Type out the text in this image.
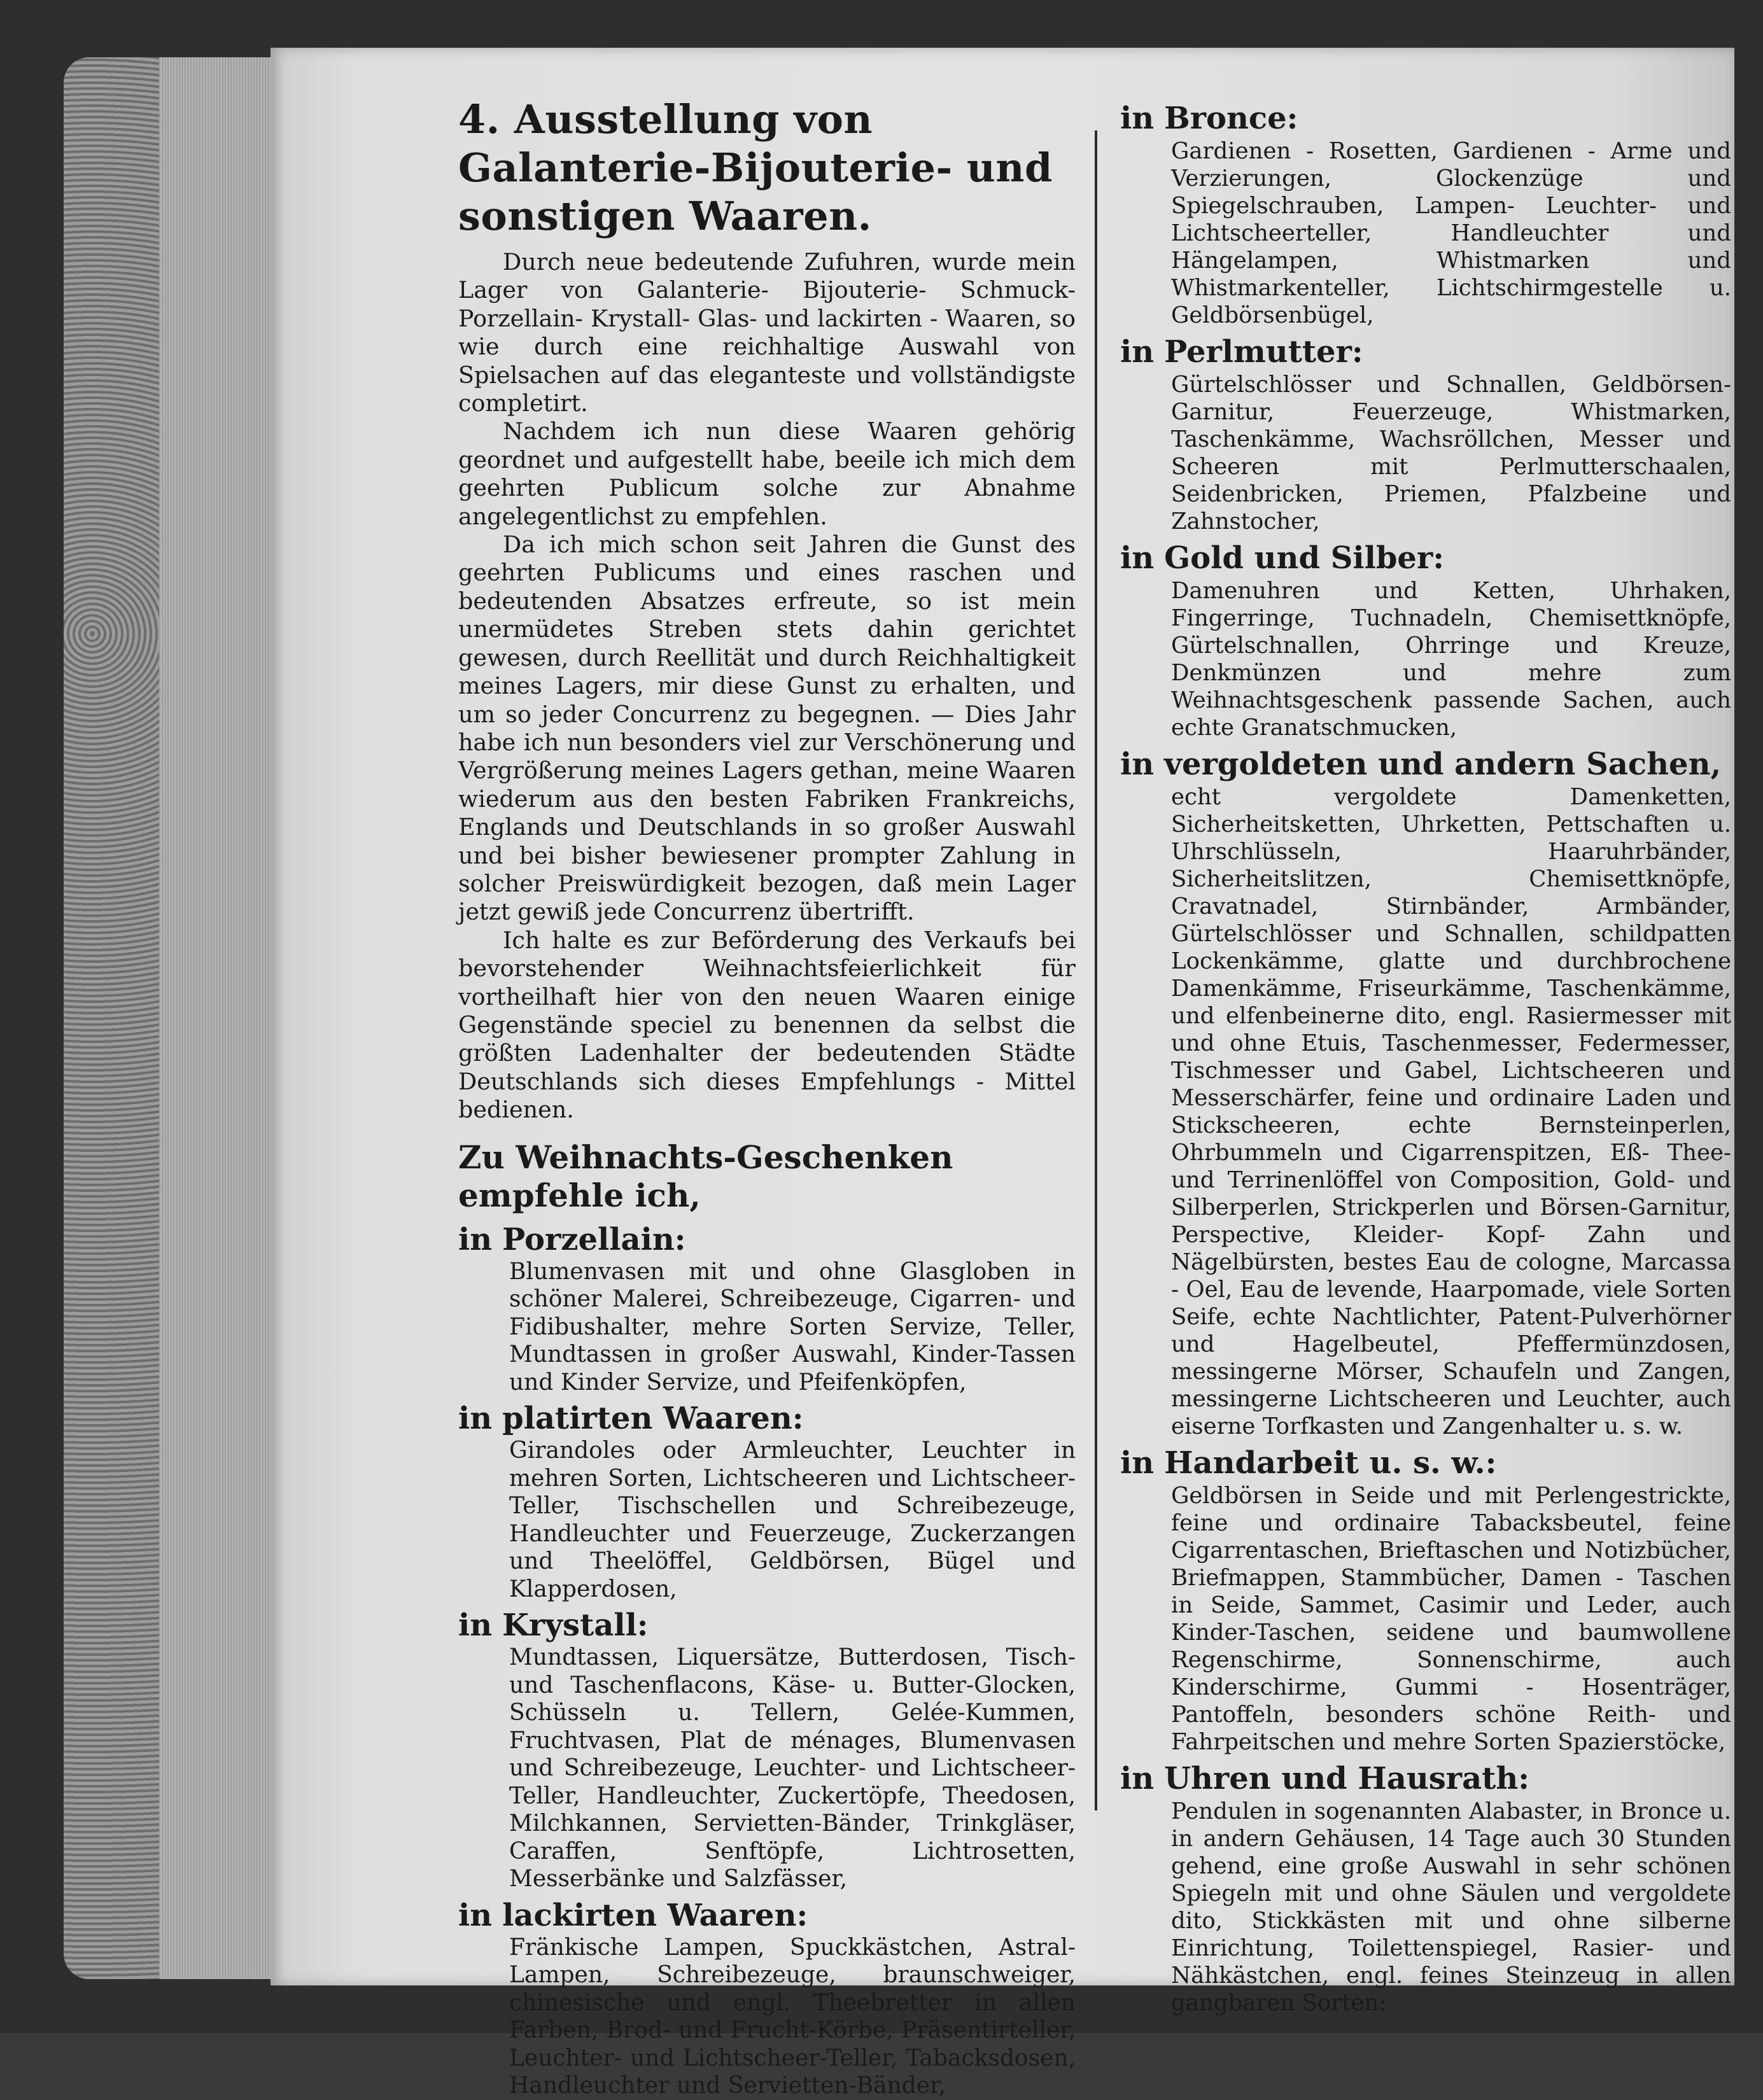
4. Ausstellung von Galanterie-Bijouterie- und sonstigen Waaren.

Durch neue bedeutende Zufuhren, wurde mein Lager von Galanterie- Bijouterie- Schmuck- Porzellain- Krystall- Glas- und lackirten - Waaren, so wie durch eine reichhaltige Auswahl von Spielsachen auf das eleganteste und vollständigste completirt.

Nachdem ich nun diese Waaren gehörig geordnet und aufgestellt habe, beeile ich mich dem geehrten Publicum solche zur Abnahme angelegentlichst zu empfehlen.

Da ich mich schon seit Jahren die Gunst des geehrten Publicums und eines raschen und bedeutenden Absatzes erfreute, so ist mein unermüdetes Streben stets dahin gerichtet gewesen, durch Reellität und durch Reichhaltigkeit meines Lagers, mir diese Gunst zu erhalten, und um so jeder Concurrenz zu begegnen. — Dies Jahr habe ich nun besonders viel zur Verschönerung und Vergrößerung meines Lagers gethan, meine Waaren wiederum aus den besten Fabriken Frankreichs, Englands und Deutschlands in so großer Auswahl und bei bisher bewiesener prompter Zahlung in solcher Preiswürdigkeit bezogen, daß mein Lager jetzt gewiß jede Concurrenz übertrifft.

Ich halte es zur Beförderung des Verkaufs bei bevorstehender Weihnachtsfeierlichkeit für vortheilhaft hier von den neuen Waaren einige Gegenstände speciel zu benennen da selbst die größten Ladenhalter der bedeutenden Städte Deutschlands sich dieses Empfehlungs - Mittel bedienen.

Zu Weihnachts-Geschenken empfehle ich,
in Porzellain:
Blumenvasen mit und ohne Glasgloben in schöner Malerei, Schreibezeuge, Cigarren- und Fidibushalter, mehre Sorten Servize, Teller, Mundtassen in großer Auswahl, Kinder-Tassen und Kinder Servize, und Pfeifenköpfen,
in platirten Waaren:
Girandoles oder Armleuchter, Leuchter in mehren Sorten, Lichtscheeren und Lichtscheer-Teller, Tischschellen und Schreibezeuge, Handleuchter und Feuerzeuge, Zuckerzangen und Theelöffel, Geldbörsen, Bügel und Klapperdosen,
in Krystall:
Mundtassen, Liquersätze, Butterdosen, Tisch- und Taschenflacons, Käse- u. Butter-Glocken, Schüsseln u. Tellern, Gelée-Kummen, Fruchtvasen, Plat de ménages, Blumenvasen und Schreibezeuge, Leuchter- und Lichtscheer-Teller, Handleuchter, Zuckertöpfe, Theedosen, Milchkannen, Servietten-Bänder, Trinkgläser, Caraffen, Senftöpfe, Lichtrosetten, Messerbänke und Salzfässer,
in lackirten Waaren:
Fränkische Lampen, Spuckkästchen, Astral-Lampen, Schreibezeuge, braunschweiger, chinesische und engl. Theebretter in allen Farben, Brod- und Frucht-Körbe, Präsentirteller, Leuchter- und Lichtscheer-Teller, Tabacksdosen, Handleuchter und Servietten-Bänder,
in Bronce:
Gardienen - Rosetten, Gardienen - Arme und Verzierungen, Glockenzüge und Spiegelschrauben, Lampen- Leuchter- und Lichtscheerteller, Handleuchter und Hängelampen, Whistmarken und Whistmarkenteller, Lichtschirmgestelle u. Geldbörsenbügel,
in Perlmutter:
Gürtelschlösser und Schnallen, Geldbörsen-Garnitur, Feuerzeuge, Whistmarken, Taschenkämme, Wachsröllchen, Messer und Scheeren mit Perlmutterschaalen, Seidenbricken, Priemen, Pfalzbeine und Zahnstocher,
in Gold und Silber:
Damenuhren und Ketten, Uhrhaken, Fingerringe, Tuchnadeln, Chemisettknöpfe, Gürtelschnallen, Ohrringe und Kreuze, Denkmünzen und mehre zum Weihnachtsgeschenk passende Sachen, auch echte Granatschmucken,
in vergoldeten und andern Sachen,
echt vergoldete Damenketten, Sicherheitsketten, Uhrketten, Pettschaften u. Uhrschlüsseln, Haaruhrbänder, Sicherheitslitzen, Chemisettknöpfe, Cravatnadel, Stirnbänder, Armbänder, Gürtelschlösser und Schnallen, schildpatten Lockenkämme, glatte und durchbrochene Damenkämme, Friseurkämme, Taschenkämme, und elfenbeinerne dito, engl. Rasiermesser mit und ohne Etuis, Taschenmesser, Federmesser, Tischmesser und Gabel, Lichtscheeren und Messerschärfer, feine und ordinaire Laden und Stickscheeren, echte Bernsteinperlen, Ohrbummeln und Cigarrenspitzen, Eß- Thee- und Terrinenlöffel von Composition, Gold- und Silberperlen, Strickperlen und Börsen-Garnitur, Perspective, Kleider- Kopf- Zahn und Nägelbürsten, bestes Eau de cologne, Marcassa - Oel, Eau de levende, Haarpomade, viele Sorten Seife, echte Nachtlichter, Patent-Pulverhörner und Hagelbeutel, Pfeffermünzdosen, messingerne Mörser, Schaufeln und Zangen, messingerne Lichtscheeren und Leuchter, auch eiserne Torfkasten und Zangenhalter u. s. w.
in Handarbeit u. s. w.:
Geldbörsen in Seide und mit Perlengestrickte, feine und ordinaire Tabacksbeutel, feine Cigarrentaschen, Brieftaschen und Notizbücher, Briefmappen, Stammbücher, Damen - Taschen in Seide, Sammet, Casimir und Leder, auch Kinder-Taschen, seidene und baumwollene Regenschirme, Sonnenschirme, auch Kinderschirme, Gummi - Hosenträger, Pantoffeln, besonders schöne Reith- und Fahrpeitschen und mehre Sorten Spazierstöcke,
in Uhren und Hausrath:
Pendulen in sogenannten Alabaster, in Bronce u. in andern Gehäusen, 14 Tage auch 30 Stunden gehend, eine große Auswahl in sehr schönen Spiegeln mit und ohne Säulen und vergoldete dito, Stickkästen mit und ohne silberne Einrichtung, Toilettenspiegel, Rasier- und Nähkästchen, engl. feines Steinzeug in allen gangbaren Sorten:
